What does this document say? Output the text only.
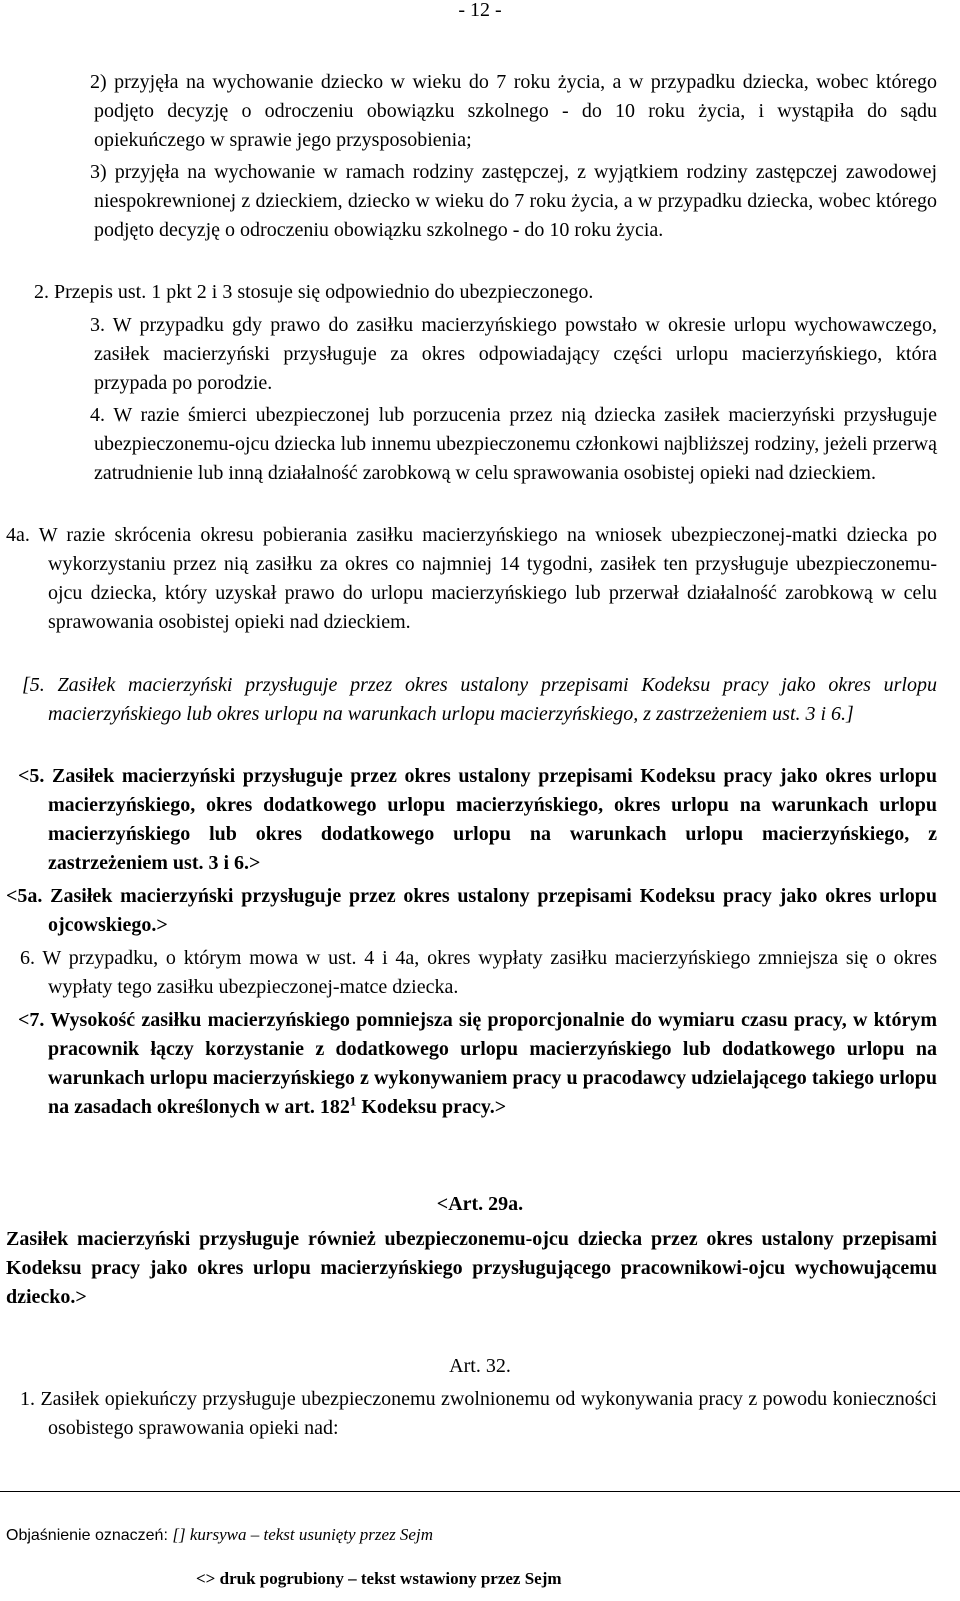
- 12 -

2) przyjęła na wychowanie dziecko w wieku do 7 roku życia, a w przypadku dziecka, wobec którego podjęto decyzję o odroczeniu obowiązku szkolnego - do 10 roku życia, i wystąpiła do sądu opiekuńczego w sprawie jego przysposobienia;

3) przyjęła na wychowanie w ramach rodziny zastępczej, z wyjątkiem rodziny zastępczej zawodowej niespokrewnionej z dzieckiem, dziecko w wieku do 7 roku życia, a w przypadku dziecka, wobec którego podjęto decyzję o odroczeniu obowiązku szkolnego - do 10 roku życia.

2. Przepis ust. 1 pkt 2 i 3 stosuje się odpowiednio do ubezpieczonego.

3. W przypadku gdy prawo do zasiłku macierzyńskiego powstało w okresie urlopu wychowawczego, zasiłek macierzyński przysługuje za okres odpowiadający części urlopu macierzyńskiego, która przypada po porodzie.

4. W razie śmierci ubezpieczonej lub porzucenia przez nią dziecka zasiłek macierzyński przysługuje ubezpieczonemu-ojcu dziecka lub innemu ubezpieczonemu członkowi najbliższej rodziny, jeżeli przerwą zatrudnienie lub inną działalność zarobkową w celu sprawowania osobistej opieki nad dzieckiem.

4a. W razie skrócenia okresu pobierania zasiłku macierzyńskiego na wniosek ubezpieczonej-matki dziecka po wykorzystaniu przez nią zasiłku za okres co najmniej 14 tygodni, zasiłek ten przysługuje ubezpieczonemu-ojcu dziecka, który uzyskał prawo do urlopu macierzyńskiego lub przerwał działalność zarobkową w celu sprawowania osobistej opieki nad dzieckiem.

[5. Zasiłek macierzyński przysługuje przez okres ustalony przepisami Kodeksu pracy jako okres urlopu macierzyńskiego lub okres urlopu na warunkach urlopu macierzyńskiego, z zastrzeżeniem ust. 3 i 6.]

<5. Zasiłek macierzyński przysługuje przez okres ustalony przepisami Kodeksu pracy jako okres urlopu macierzyńskiego, okres dodatkowego urlopu macierzyńskiego, okres urlopu na warunkach urlopu macierzyńskiego lub okres dodatkowego urlopu na warunkach urlopu macierzyńskiego, z zastrzeżeniem ust. 3 i 6.>

<5a. Zasiłek macierzyński przysługuje przez okres ustalony przepisami Kodeksu pracy jako okres urlopu ojcowskiego.>

6. W przypadku, o którym mowa w ust. 4 i 4a, okres wypłaty zasiłku macierzyńskiego zmniejsza się o okres wypłaty tego zasiłku ubezpieczonej-matce dziecka.

<7. Wysokość zasiłku macierzyńskiego pomniejsza się proporcjonalnie do wymiaru czasu pracy, w którym pracownik łączy korzystanie z dodatkowego urlopu macierzyńskiego lub dodatkowego urlopu na warunkach urlopu macierzyńskiego z wykonywaniem pracy u pracodawcy udzielającego takiego urlopu na zasadach określonych w art. $182^1$ Kodeksu pracy.>

<Art. 29a.

Zasiłek macierzyński przysługuje również ubezpieczonemu-ojcu dziecka przez okres ustalony przepisami Kodeksu pracy jako okres urlopu macierzyńskiego przysługującego pracownikowi-ojcu wychowującemu dziecko.>

Art. 32.

1. Zasiłek opiekuńczy przysługuje ubezpieczonemu zwolnionemu od wykonywania pracy z powodu konieczności osobistego sprawowania opieki nad:

Objaśnienie oznaczeń: [] kursywa – tekst usunięty przez Sejm
<> druk pogrubiony – tekst wstawiony przez Sejm
